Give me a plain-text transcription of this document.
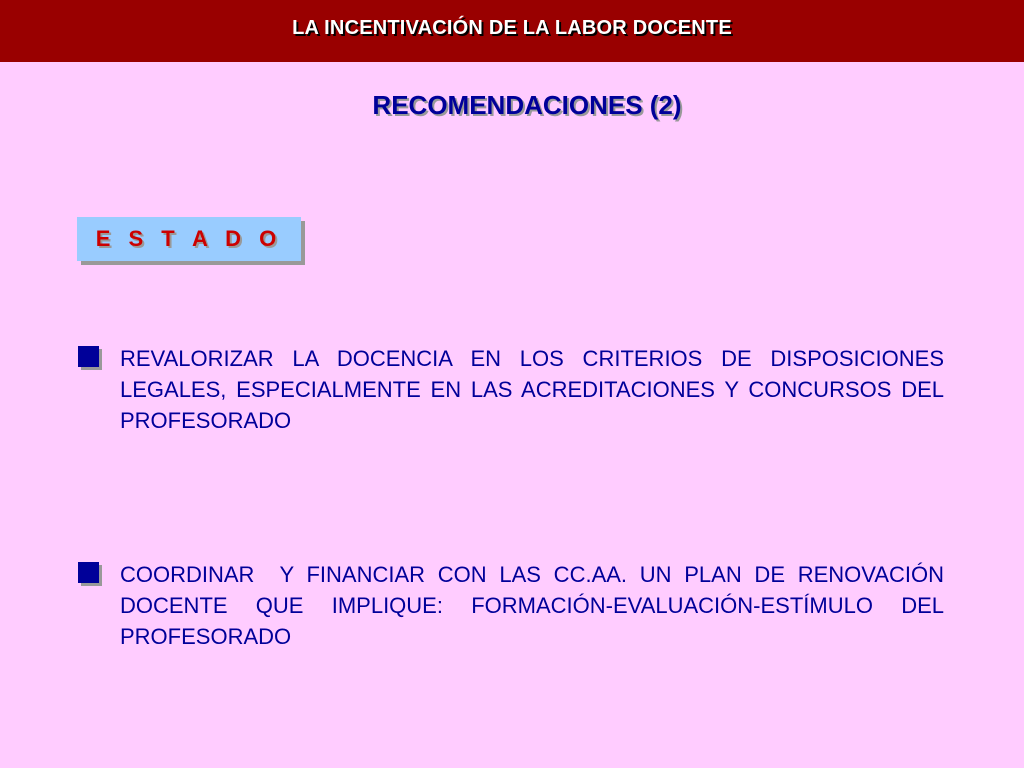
LA INCENTIVACIÓN DE LA LABOR DOCENTE
RECOMENDACIONES (2)
E S T A D O
REVALORIZAR LA DOCENCIA EN LOS CRITERIOS DE DISPOSICIONES LEGALES, ESPECIALMENTE EN LAS ACREDITACIONES Y CONCURSOS DEL PROFESORADO
COORDINAR  Y FINANCIAR CON LAS CC.AA. UN PLAN DE RENOVACIÓN DOCENTE QUE IMPLIQUE: FORMACIÓN-EVALUACIÓN-ESTÍMULO DEL PROFESORADO
